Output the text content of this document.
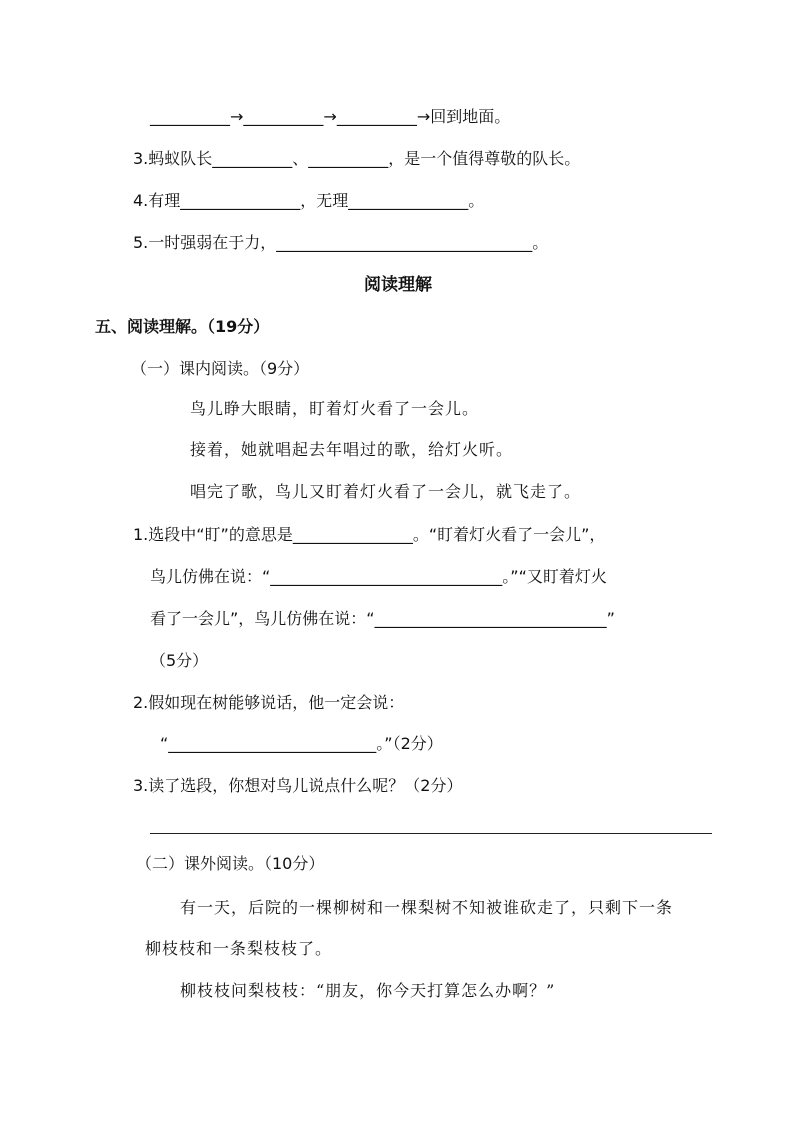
__________→__________→__________→回到地面。
3.蚂蚁队长__________、__________，是一个值得尊敬的队长。
4.有理_______________，无理_______________。
5.一时强弱在于力，________________________________。
阅读理解
五、阅读理解。（19分）
（一）课内阅读。（9分）
鸟儿睁大眼睛，盯着灯火看了一会儿。
接着，她就唱起去年唱过的歌，给灯火听。
唱完了歌，鸟儿又盯着灯火看了一会儿，就飞走了。
1.选段中“盯”的意思是_______________。“盯着灯火看了一会儿”，
鸟儿仿佛在说：“_____________________________。”“又盯着灯火
看了一会儿”，鸟儿仿佛在说：“_____________________________”
（5分）
2.假如现在树能够说话，他一定会说：
“__________________________。”（2分）
3.读了选段，你想对鸟儿说点什么呢？（2分）
（二）课外阅读。（10分）
有一天，后院的一棵柳树和一棵梨树不知被谁砍走了，只剩下一条
柳枝枝和一条梨枝枝了。
柳枝枝问梨枝枝：“朋友，你今天打算怎么办啊？”
